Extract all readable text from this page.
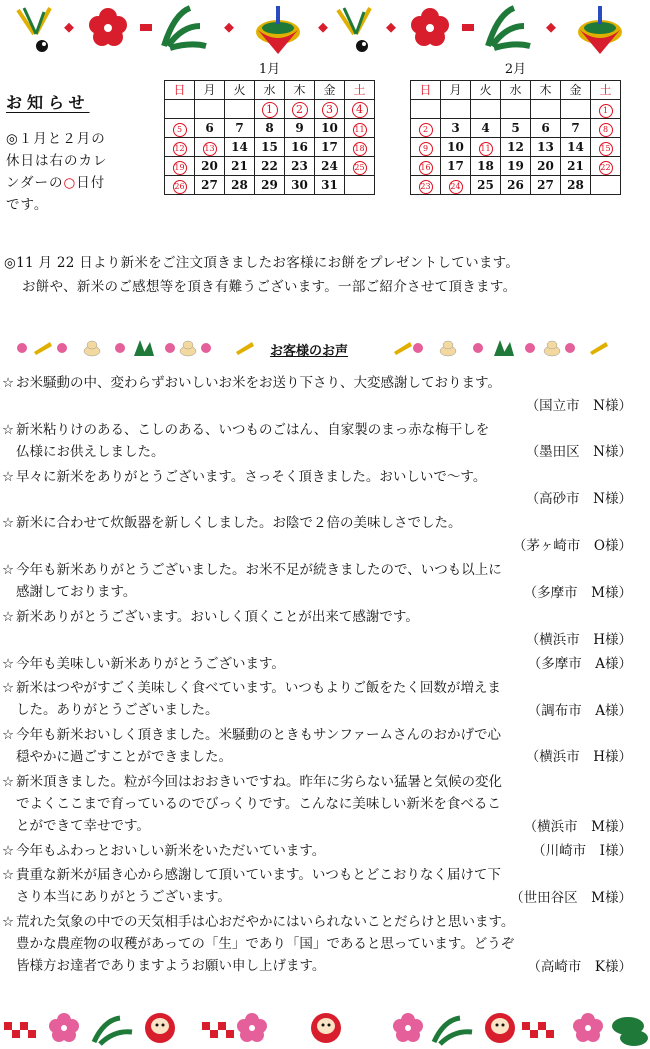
お知らせ
◎１月と２月の
休日は右のカレ
ンダーの○日付
です。
1月
日	月	火	水	木	金	土
			1	2	3	4
5	6	7	8	9	10	11
12	13	14	15	16	17	18
19	20	21	22	23	24	25
26	27	28	29	30	31	
2月
日	月	火	水	木	金	土
						1
2	3	4	5	6	7	8
9	10	11	12	13	14	15
16	17	18	19	20	21	22
23	24	25	26	27	28	
◎11 月 22 日より新米をご注文頂きましたお客様にお餅をプレゼントしています。
お餅や、新米のご感想等を頂き有難うございます。一部ご紹介させて頂きます。
お客様のお声
☆ お米騒動の中、変わらずおいしいお米をお送り下さり、大変感謝しております。
（国立市　N様）
☆ 新米粘りけのある、こしのある、いつものごはん、自家製のまっ赤な梅干しを
仏様にお供えしました。	（墨田区　N様）
☆ 早々に新米をありがとうございます。さっそく頂きました。おいしいで〜す。
（高砂市　N様）
☆ 新米に合わせて炊飯器を新しくしました。お陰で２倍の美味しさでした。
（茅ヶ崎市　O様）
☆ 今年も新米ありがとうございました。お米不足が続きましたので、いつも以上に
感謝しております。	（多摩市　M様）
☆ 新米ありがとうございます。おいしく頂くことが出来て感謝です。
（横浜市　H様）
☆ 今年も美味しい新米ありがとうございます。	（多摩市　A様）
☆ 新米はつやがすごく美味しく食べています。いつもよりご飯をたく回数が増えま
した。ありがとうございました。	（調布市　A様）
☆ 今年も新米おいしく頂きました。米騒動のときもサンファームさんのおかげで心
穏やかに過ごすことができました。	（横浜市　H様）
☆ 新米頂きました。粒が今回はおおきいですね。昨年に劣らない猛暑と気候の変化
でよくここまで育っているのでびっくりです。こんなに美味しい新米を食べるこ
とができて幸せです。	（横浜市　M様）
☆ 今年もふわっとおいしい新米をいただいています。	（川崎市　I様）
☆ 貴重な新米が届き心から感謝して頂いています。いつもとどこおりなく届けて下
さり本当にありがとうございます。	（世田谷区　M様）
☆ 荒れた気象の中での天気相手は心おだやかにはいられないことだらけと思います。
豊かな農産物の収穫があっての「生」であり「国」であると思っています。どうぞ
皆様方お達者でありますようお願い申し上げます。	（高崎市　K様）
